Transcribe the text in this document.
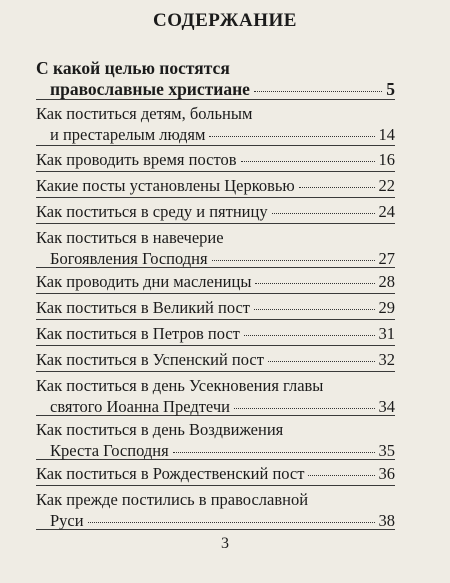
СОДЕРЖАНИЕ
С какой целью постятся
православные христиане	5
Как поститься детям, больным
и престарелым людям	14
Как проводить время постов	16
Какие посты установлены Церковью	22
Как поститься в среду и пятницу	24
Как поститься в навечерие
Богоявления Господня	27
Как проводить дни масленицы	28
Как поститься в Великий пост	29
Как поститься в Петров пост	31
Как поститься в Успенский пост	32
Как поститься в день Усекновения главы
святого Иоанна Предтечи	34
Как поститься в день Воздвижения
Креста Господня	35
Как поститься в Рождественский пост	36
Как прежде постились в православной
Руси	38
3
